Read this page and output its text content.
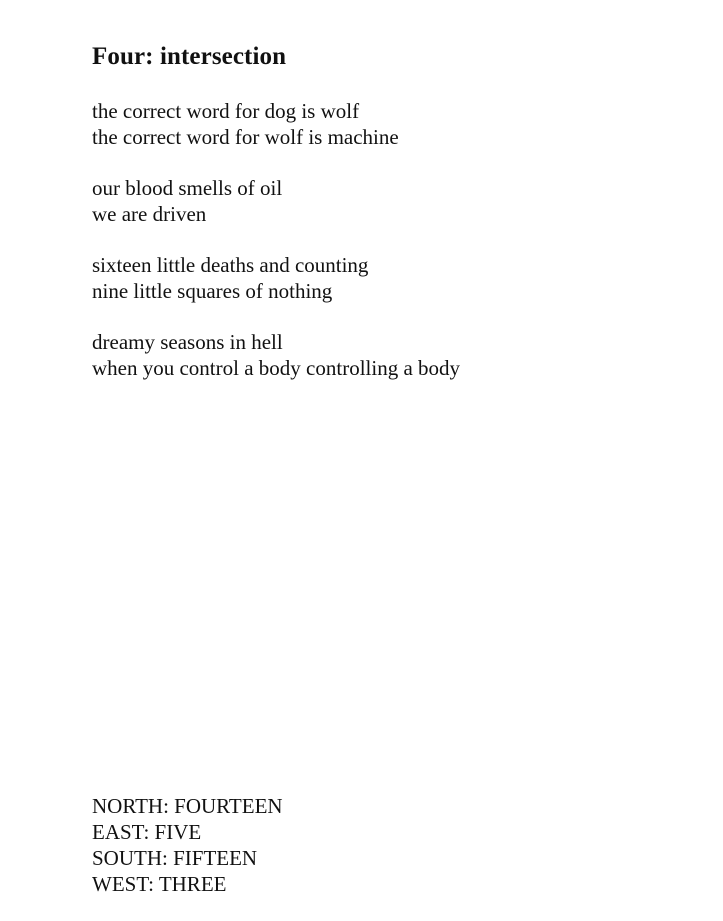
Four: intersection
the correct word for dog is wolf
the correct word for wolf is machine
our blood smells of oil
we are driven
sixteen little deaths and counting
nine little squares of nothing
dreamy seasons in hell
when you control a body controlling a body
NORTH: FOURTEEN
EAST: FIVE
SOUTH: FIFTEEN
WEST: THREE
